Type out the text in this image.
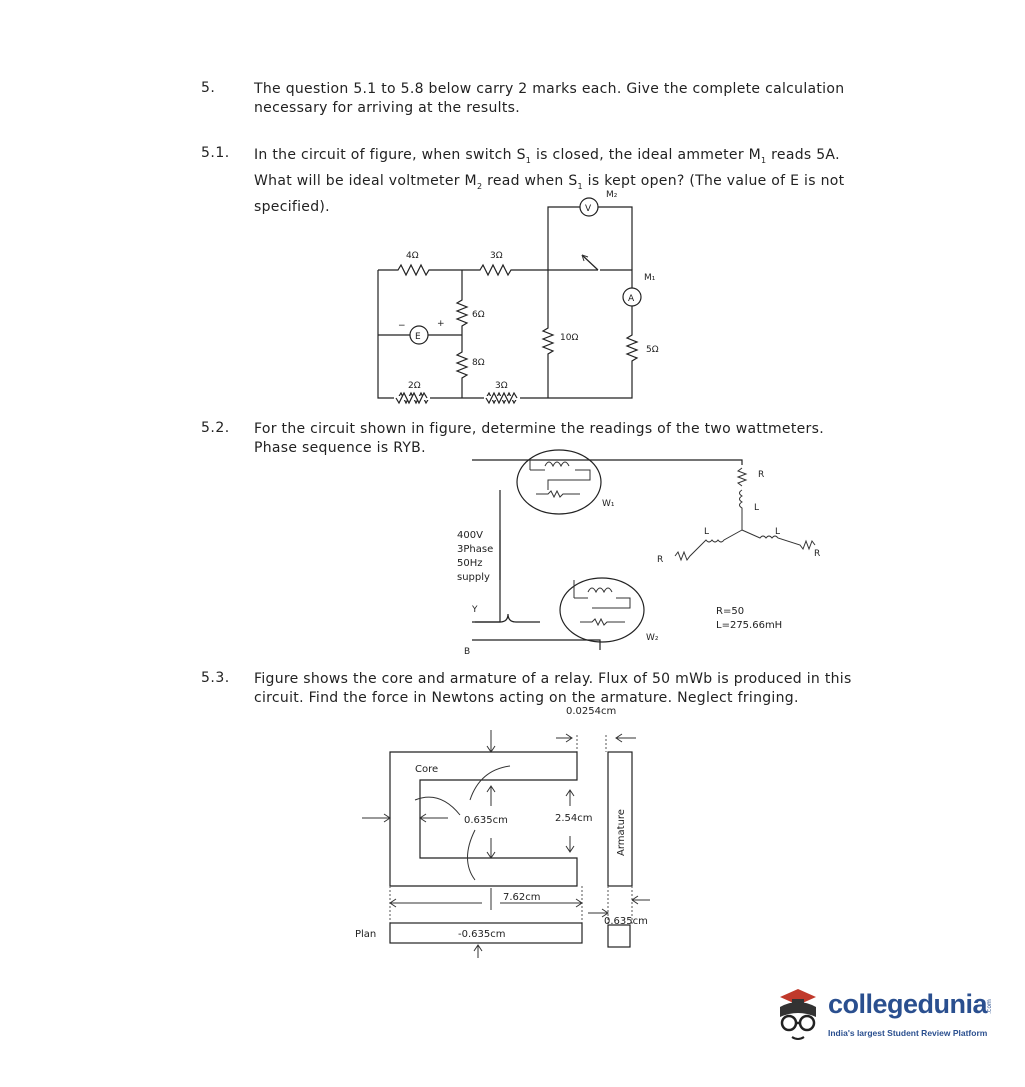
5.	The question 5.1 to 5.8 below carry 2 marks each. Give the complete calculation necessary for arriving at the results.
5.1. In the circuit of figure, when switch $S_1$ is closed, the ideal ammeter $M_1$ reads 5A. What will be ideal voltmeter $M_2$ read when $S_1$ is kept open? (The value of E is not specified).
5.2. For the circuit shown in figure, determine the readings of the two wattmeters. Phase sequence is RYB.
5.3. Figure shows the core and armature of a relay. Flux of 50 mWb is produced in this circuit. Find the force in Newtons acting on the armature. Neglect fringing.
4Ω	3Ω
6Ω
8Ω
2Ω	3Ω
10Ω
5Ω
E
−	+
V
A
M₁
M₂
400V
3Phase
50Hz
supply
Y
B
W₁
W₂
R
L
L	L
R
R
R=50
L=275.66mH
0.0254cm
Core
0.635cm	2.54cm Armature
7.62cm
0.635cm
Plan	-0.635cm
collegedunia
.com
India's largest Student Review Platform
